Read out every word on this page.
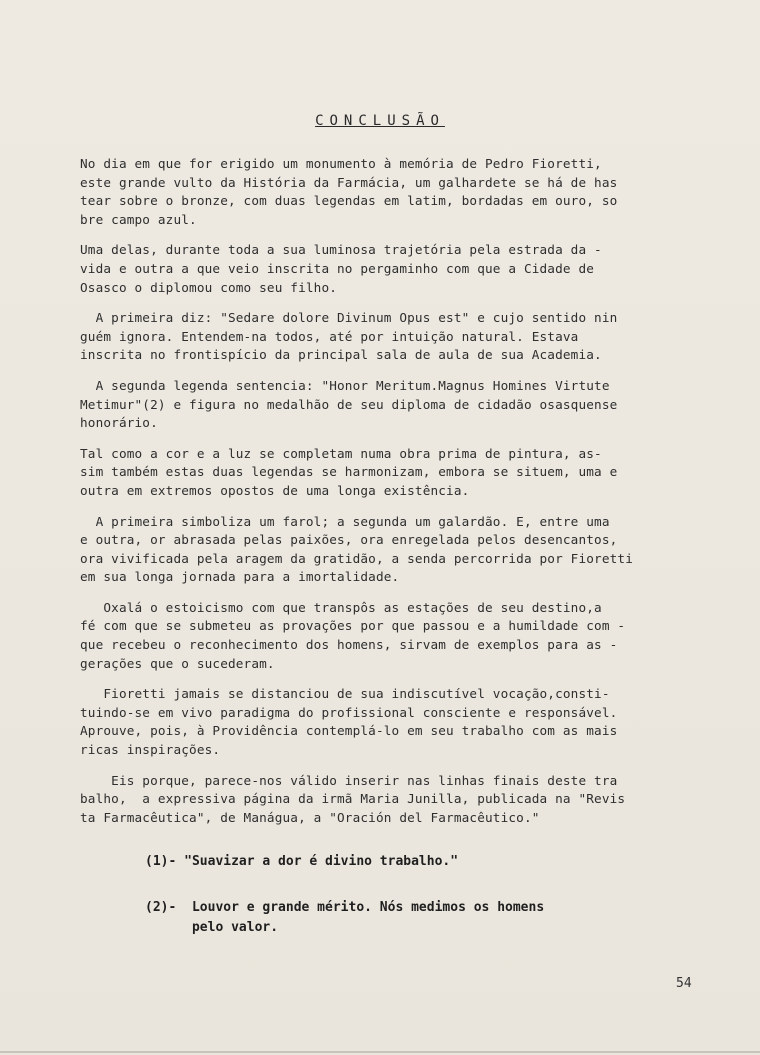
CONCLUSÃO
No dia em que for erigido um monumento à memória de Pedro Fioretti,
este grande vulto da História da Farmácia, um galhardete se há de has
tear sobre o bronze, com duas legendas em latim, bordadas em ouro, so
bre campo azul.
Uma delas, durante toda a sua luminosa trajetória pela estrada da -
vida e outra a que veio inscrita no pergaminho com que a Cidade de
Osasco o diplomou como seu filho.
A primeira diz: "Sedare dolore Divinum Opus est" e cujo sentido nin
guém ignora. Entendem-na todos, até por intuição natural. Estava
inscrita no frontispício da principal sala de aula de sua Academia.
A segunda legenda sentencia: "Honor Meritum.Magnus Homines Virtute
Metimur"(2) e figura no medalhão de seu diploma de cidadão osasquense
honorário.
Tal como a cor e a luz se completam numa obra prima de pintura, as-
sim também estas duas legendas se harmonizam, embora se situem, uma e
outra em extremos opostos de uma longa existência.
A primeira simboliza um farol; a segunda um galardão. E, entre uma
e outra, or abrasada pelas paixões, ora enregelada pelos desencantos,
ora vivificada pela aragem da gratidão, a senda percorrida por Fioretti
em sua longa jornada para a imortalidade.
Oxalá o estoicismo com que transpôs as estações de seu destino,a
fé com que se submeteu as provações por que passou e a humildade com -
que recebeu o reconhecimento dos homens, sirvam de exemplos para as -
gerações que o sucederam.
Fioretti jamais se distanciou de sua indiscutível vocação,consti-
tuindo-se em vivo paradigma do profissional consciente e responsável.
Aprouve, pois, à Providência contemplá-lo em seu trabalho com as mais
ricas inspirações.
Eis porque, parece-nos válido inserir nas linhas finais deste tra
balho,  a expressiva página da irmã Maria Junilla, publicada na "Revis
ta Farmacêutica", de Manágua, a "Oración del Farmacêutico."
(1)- "Suavizar a dor é divino trabalho."
(2)-  Louvor e grande mérito. Nós medimos os homens
pelo valor.
54
